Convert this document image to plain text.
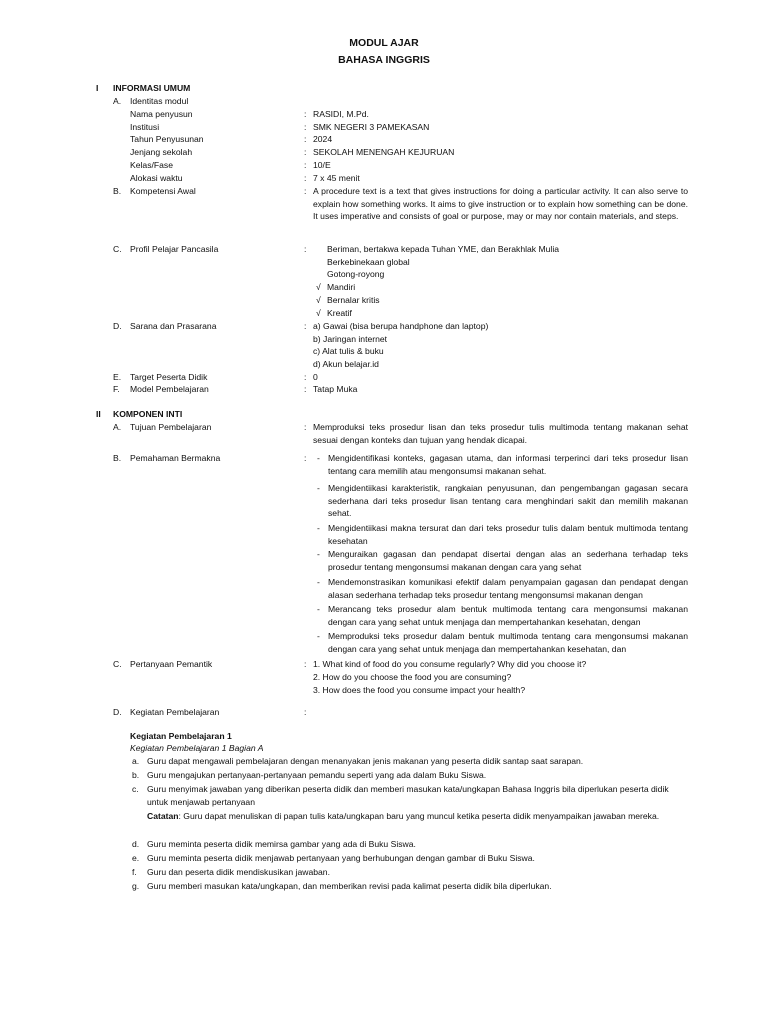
MODUL AJAR
BAHASA INGGRIS
I INFORMASI UMUM
A. Identitas modul
Nama penyusun	: RASIDI, M.Pd.
Institusi	: SMK NEGERI 3 PAMEKASAN
Tahun Penyusunan	: 2024
Jenjang sekolah	: SEKOLAH MENENGAH KEJURUAN
Kelas/Fase	: 10/E
Alokasi waktu	: 7 x 45 menit
B. Kompetensi Awal	: A procedure text is a text that gives instructions for doing a particular activity. It can also serve to explain how something works. It aims to give instruction or to explain how something can be done. It uses imperative and consists of goal or purpose, may or may nor contain materials, and steps.
C. Profil Pelajar Pancasila	:	Beriman, bertakwa kepada Tuhan YME, dan Berakhlak Mulia
Berkebinekaan global
Gotong-royong
√ Mandiri
√ Bernalar kritis
√ Kreatif
D. Sarana dan Prasarana	: a) Gawai (bisa berupa handphone dan laptop)
b) Jaringan internet
c) Alat tulis & buku
d) Akun belajar.id
E. Target Peserta Didik	: 0
F. Model Pembelajaran	: Tatap Muka
II KOMPONEN INTI
A. Tujuan Pembelajaran	: Memproduksi teks prosedur lisan dan teks prosedur tulis multimoda tentang makanan sehat sesuai dengan konteks dan tujuan yang hendak dicapai.
B. Pemahaman Bermakna	: - Mengidentifikasi konteks, gagasan utama, dan informasi terperinci dari teks prosedur lisan tentang cara memilih atau mengonsumsi makanan sehat.
- Mengidentiikasi karakteristik, rangkaian penyusunan, dan pengembangan gagasan secara sederhana dari teks prosedur lisan tentang cara menghindari sakit dan memilih makanan sehat.
- Mengidentiikasi makna tersurat dan dari teks prosedur tulis dalam bentuk multimoda tentang kesehatan
- Menguraikan gagasan dan pendapat disertai dengan alas an sederhana terhadap teks prosedur tentang mengonsumsi makanan dengan cara yang sehat
- Mendemonstrasikan komunikasi efektif dalam penyampaian gagasan dan pendapat dengan alasan sederhana terhadap teks prosedur tentang mengonsumsi makanan dengan
- Merancang teks prosedur alam bentuk multimoda tentang cara mengonsumsi makanan dengan cara yang sehat untuk menjaga dan mempertahankan kesehatan, dengan
- Memproduksi teks prosedur dalam bentuk multimoda tentang cara mengonsumsi makanan dengan cara yang sehat untuk menjaga dan mempertahankan kesehatan, dan
C. Pertanyaan Pemantik	: 1. What kind of food do you consume regularly? Why did you choose it?
2. How do you choose the food you are consuming?
3. How does the food you consume impact your health?
D. Kegiatan Pembelajaran	:
Kegiatan Pembelajaran 1
Kegiatan Pembelajaran 1 Bagian A
a. Guru dapat mengawali pembelajaran dengan menanyakan jenis makanan yang peserta didik santap saat sarapan.
b. Guru mengajukan pertanyaan-pertanyaan pemandu seperti yang ada dalam Buku Siswa.
c. Guru menyimak jawaban yang diberikan peserta didik dan memberi masukan kata/ungkapan Bahasa Inggris bila diperlukan peserta didik untuk menjawab pertanyaan
Catatan: Guru dapat menuliskan di papan tulis kata/ungkapan baru yang muncul ketika peserta didik menyampaikan jawaban mereka.
d. Guru meminta peserta didik memirsa gambar yang ada di Buku Siswa.
e. Guru meminta peserta didik menjawab pertanyaan yang berhubungan dengan gambar di Buku Siswa.
f. Guru dan peserta didik mendiskusikan jawaban.
g. Guru memberi masukan kata/ungkapan, dan memberikan revisi pada kalimat peserta didik bila diperlukan.
